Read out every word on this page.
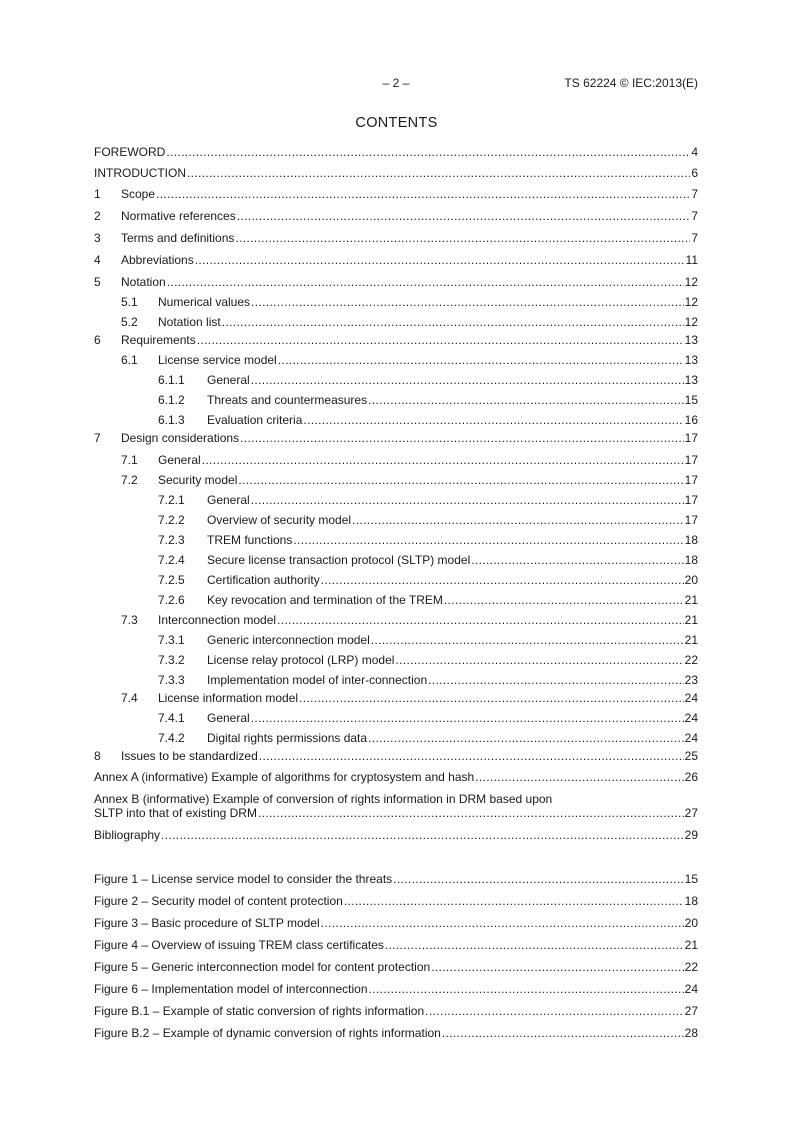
– 2 –	TS 62224 © IEC:2013(E)
CONTENTS
FOREWORD .....	4
INTRODUCTION .....	6
1	Scope .....	7
2	Normative references .....	7
3	Terms and definitions .....	7
4	Abbreviations .....	11
5	Notation .....	12
5.1	Numerical values .....	12
5.2	Notation list .....	12
6	Requirements .....	13
6.1	License service model .....	13
6.1.1	General .....	13
6.1.2	Threats and countermeasures .....	15
6.1.3	Evaluation criteria .....	16
7	Design considerations .....	17
7.1	General .....	17
7.2	Security model .....	17
7.2.1	General .....	17
7.2.2	Overview of security model .....	17
7.2.3	TREM functions .....	18
7.2.4	Secure license transaction protocol (SLTP) model .....	18
7.2.5	Certification authority .....	20
7.2.6	Key revocation and termination of the TREM .....	21
7.3	Interconnection model .....	21
7.3.1	Generic interconnection model .....	21
7.3.2	License relay protocol (LRP) model .....	22
7.3.3	Implementation model of inter-connection .....	23
7.4	License information model .....	24
7.4.1	General .....	24
7.4.2	Digital rights permissions data .....	24
8	Issues to be standardized .....	25
Annex A (informative) Example of algorithms for cryptosystem and hash .....	26
Annex B (informative) Example of conversion of rights information in DRM based upon
SLTP into that of existing DRM .....	27
Bibliography .....	29
Figure 1 – License service model to consider the threats .....	15
Figure 2 – Security model of content protection .....	18
Figure 3 – Basic procedure of SLTP model .....	20
Figure 4 – Overview of issuing TREM class certificates .....	21
Figure 5 – Generic interconnection model for content protection .....	22
Figure 6 – Implementation model of interconnection .....	24
Figure B.1 – Example of static conversion of rights information .....	27
Figure B.2 – Example of dynamic conversion of rights information .....	28
